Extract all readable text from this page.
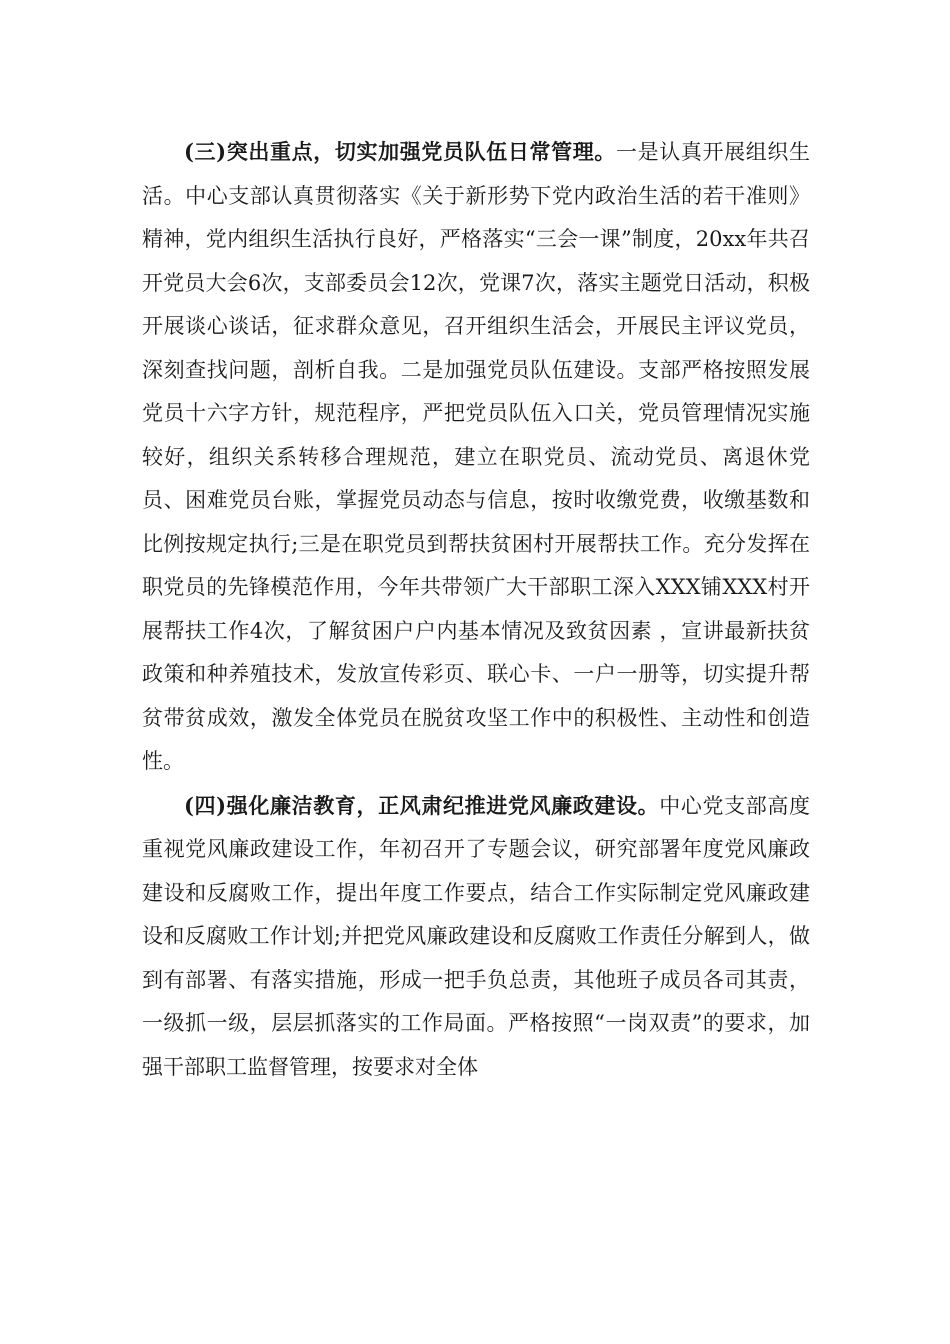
(三)突出重点，切实加强党员队伍日常管理。一是认真开展组织生活。中心支部认真贯彻落实《关于新形势下党内政治生活的若干准则》精神，党内组织生活执行良好，严格落实“三会一课”制度，20xx年共召开党员大会6次，支部委员会12次，党课7次，落实主题党日活动，积极开展谈心谈话，征求群众意见，召开组织生活会，开展民主评议党员，深刻查找问题，剖析自我。二是加强党员队伍建设。支部严格按照发展党员十六字方针，规范程序，严把党员队伍入口关，党员管理情况实施较好，组织关系转移合理规范，建立在职党员、流动党员、离退休党员、困难党员台账，掌握党员动态与信息，按时收缴党费，收缴基数和比例按规定执行;三是在职党员到帮扶贫困村开展帮扶工作。充分发挥在职党员的先锋模范作用，今年共带领广大干部职工深入XXX铺XXX村开展帮扶工作4次，了解贫困户户内基本情况及致贫因素 ，宣讲最新扶贫政策和种养殖技术，发放宣传彩页、联心卡、一户一册等，切实提升帮贫带贫成效，激发全体党员在脱贫攻坚工作中的积极性、主动性和创造性。

(四)强化廉洁教育，正风肃纪推进党风廉政建设。中心党支部高度重视党风廉政建设工作，年初召开了专题会议，研究部署年度党风廉政建设和反腐败工作，提出年度工作要点，结合工作实际制定党风廉政建设和反腐败工作计划;并把党风廉政建设和反腐败工作责任分解到人，做到有部署、有落实措施，形成一把手负总责，其他班子成员各司其责，一级抓一级，层层抓落实的工作局面。严格按照“一岗双责”的要求，加强干部职工监督管理，按要求对全体
